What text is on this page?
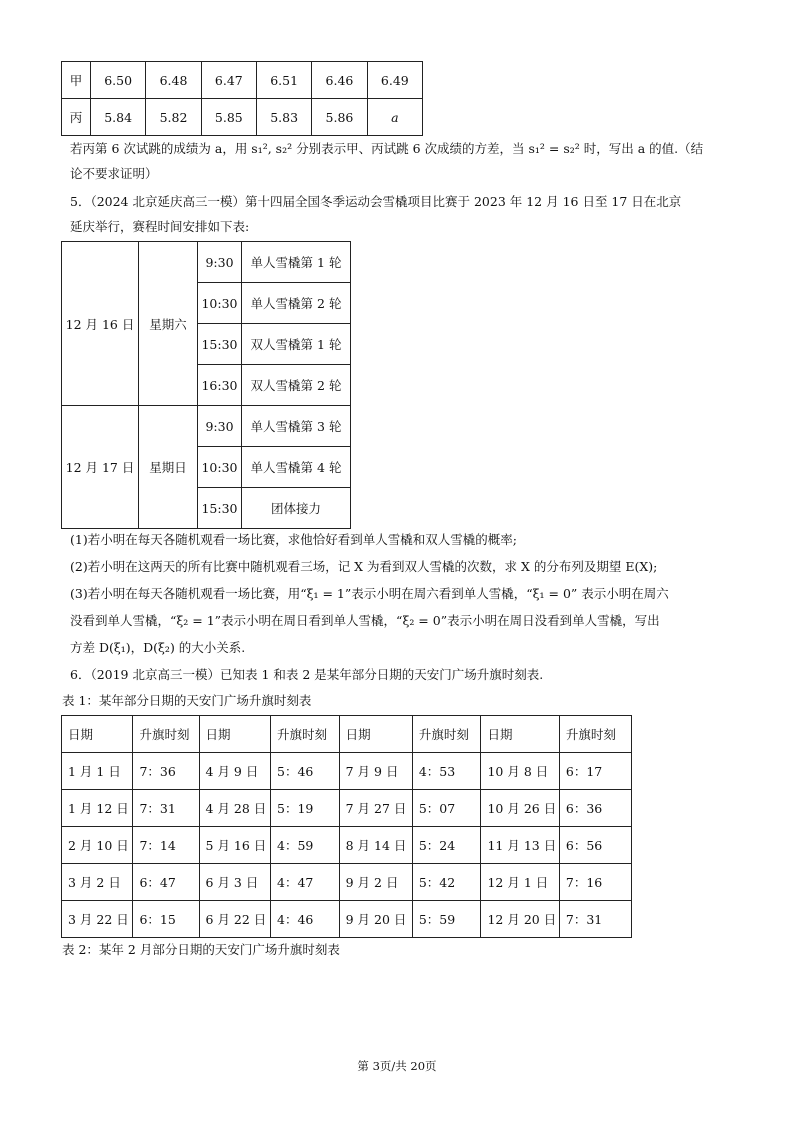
甲	6.50	6.48	6.47	6.51	6.46	6.49
丙	5.84	5.82	5.85	5.83	5.86	a
若丙第 6 次试跳的成绩为 a，用 s₁², s₂² 分别表示甲、丙试跳 6 次成绩的方差，当 s₁² = s₂² 时，写出 a 的值.（结
论不要求证明）
5．（2024 北京延庆高三一模）第十四届全国冬季运动会雪橇项目比赛于 2023 年 12 月 16 日至 17 日在北京
延庆举行，赛程时间安排如下表:
12 月 16 日	星期六	9:30	单人雪橇第 1 轮
		10:30	单人雪橇第 2 轮
		15:30	双人雪橇第 1 轮
		16:30	双人雪橇第 2 轮
12 月 17 日	星期日	9:30	单人雪橇第 3 轮
		10:30	单人雪橇第 4 轮
		15:30	团体接力
(1)若小明在每天各随机观看一场比赛，求他恰好看到单人雪橇和双人雪橇的概率;
(2)若小明在这两天的所有比赛中随机观看三场，记 X 为看到双人雪橇的次数，求 X 的分布列及期望 E(X);
(3)若小明在每天各随机观看一场比赛，用“ξ₁ = 1”表示小明在周六看到单人雪橇，“ξ₁ = 0” 表示小明在周六
没看到单人雪橇，“ξ₂ = 1”表示小明在周日看到单人雪橇，“ξ₂ = 0”表示小明在周日没看到单人雪橇，写出
方差 D(ξ₁)，D(ξ₂) 的大小关系.
6．（2019 北京高三一模）已知表 1 和表 2 是某年部分日期的天安门广场升旗时刻表.
表 1：某年部分日期的天安门广场升旗时刻表
日期	升旗时刻	日期	升旗时刻	日期	升旗时刻	日期	升旗时刻
1 月 1 日	7：36	4 月 9 日	5：46	7 月 9 日	4：53	10 月 8 日	6：17
1 月 12 日	7：31	4 月 28 日	5：19	7 月 27 日	5：07	10 月 26 日	6：36
2 月 10 日	7：14	5 月 16 日	4：59	8 月 14 日	5：24	11 月 13 日	6：56
3 月 2 日	6：47	6 月 3 日	4：47	9 月 2 日	5：42	12 月 1 日	7：16
3 月 22 日	6：15	6 月 22 日	4：46	9 月 20 日	5：59	12 月 20 日	7：31
表 2：某年 2 月部分日期的天安门广场升旗时刻表
第 3页/共 20页
